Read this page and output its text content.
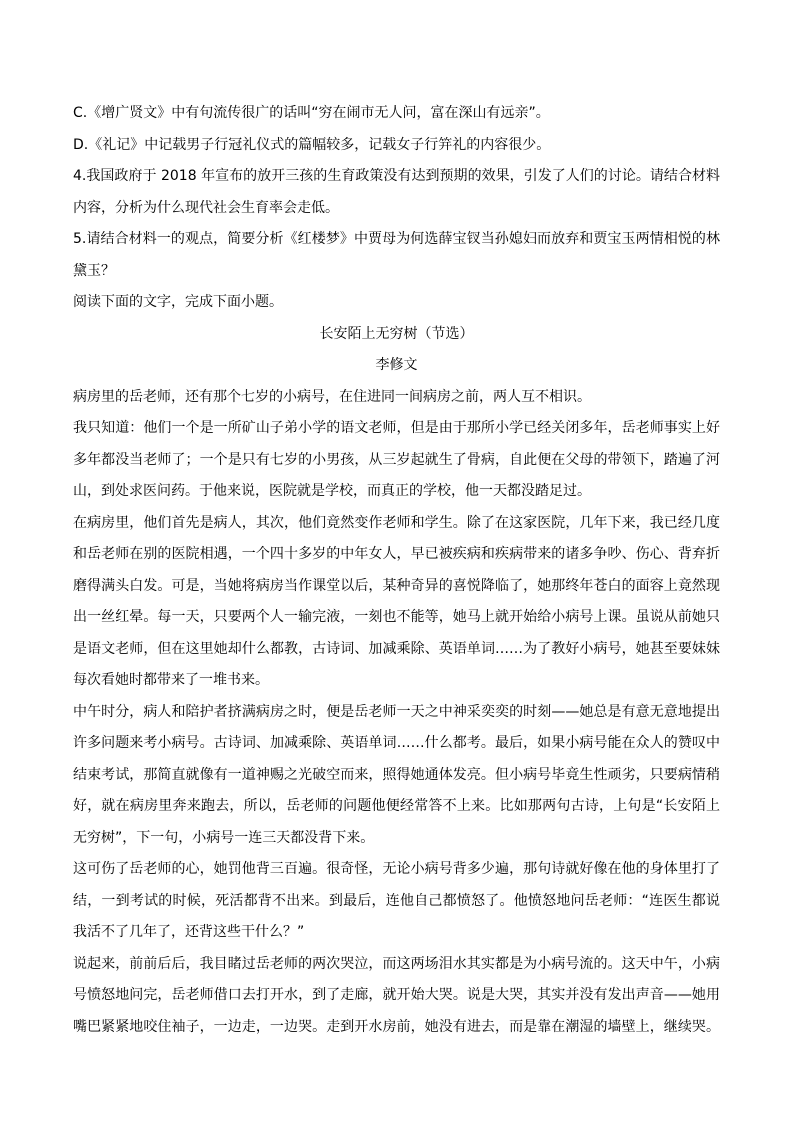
C.《增广贤文》中有句流传很广的话叫“穷在闹市无人问，富在深山有远亲”。
D.《礼记》中记载男子行冠礼仪式的篇幅较多，记载女子行笄礼的内容很少。
4.我国政府于 2018 年宣布的放开三孩的生育政策没有达到预期的效果，引发了人们的讨论。请结合材料
内容，分析为什么现代社会生育率会走低。
5.请结合材料一的观点，简要分析《红楼梦》中贾母为何选薛宝钗当孙媳妇而放弃和贾宝玉两情相悦的林
黛玉？
阅读下面的文字，完成下面小题。
长安陌上无穷树（节选）
李修文
病房里的岳老师，还有那个七岁的小病号，在住进同一间病房之前，两人互不相识。
我只知道：他们一个是一所矿山子弟小学的语文老师，但是由于那所小学已经关闭多年，岳老师事实上好
多年都没当老师了；一个是只有七岁的小男孩，从三岁起就生了骨病，自此便在父母的带领下，踏遍了河
山，到处求医问药。于他来说，医院就是学校，而真正的学校，他一天都没踏足过。
在病房里，他们首先是病人，其次，他们竟然变作老师和学生。除了在这家医院，几年下来，我已经几度
和岳老师在别的医院相遇，一个四十多岁的中年女人，早已被疾病和疾病带来的诸多争吵、伤心、背弃折
磨得满头白发。可是，当她将病房当作课堂以后，某种奇异的喜悦降临了，她那终年苍白的面容上竟然现
出一丝红晕。每一天，只要两个人一输完液，一刻也不能等，她马上就开始给小病号上课。虽说从前她只
是语文老师，但在这里她却什么都教，古诗词、加减乘除、英语单词……为了教好小病号，她甚至要妹妹
每次看她时都带来了一堆书来。
中午时分，病人和陪护者挤满病房之时，便是岳老师一天之中神采奕奕的时刻——她总是有意无意地提出
许多问题来考小病号。古诗词、加减乘除、英语单词……什么都考。最后，如果小病号能在众人的赞叹中
结束考试，那简直就像有一道神赐之光破空而来，照得她通体发亮。但小病号毕竟生性顽劣，只要病情稍
好，就在病房里奔来跑去，所以，岳老师的问题他便经常答不上来。比如那两句古诗，上句是“长安陌上
无穷树”，下一句，小病号一连三天都没背下来。
这可伤了岳老师的心，她罚他背三百遍。很奇怪，无论小病号背多少遍，那句诗就好像在他的身体里打了
结，一到考试的时候，死活都背不出来。到最后，连他自己都愤怒了。他愤怒地问岳老师：“连医生都说
我活不了几年了，还背这些干什么？”
说起来，前前后后，我目睹过岳老师的两次哭泣，而这两场泪水其实都是为小病号流的。这天中午，小病
号愤怒地问完，岳老师借口去打开水，到了走廊，就开始大哭。说是大哭，其实并没有发出声音——她用
嘴巴紧紧地咬住袖子，一边走，一边哭。走到开水房前，她没有进去，而是靠在潮湿的墙壁上，继续哭。
